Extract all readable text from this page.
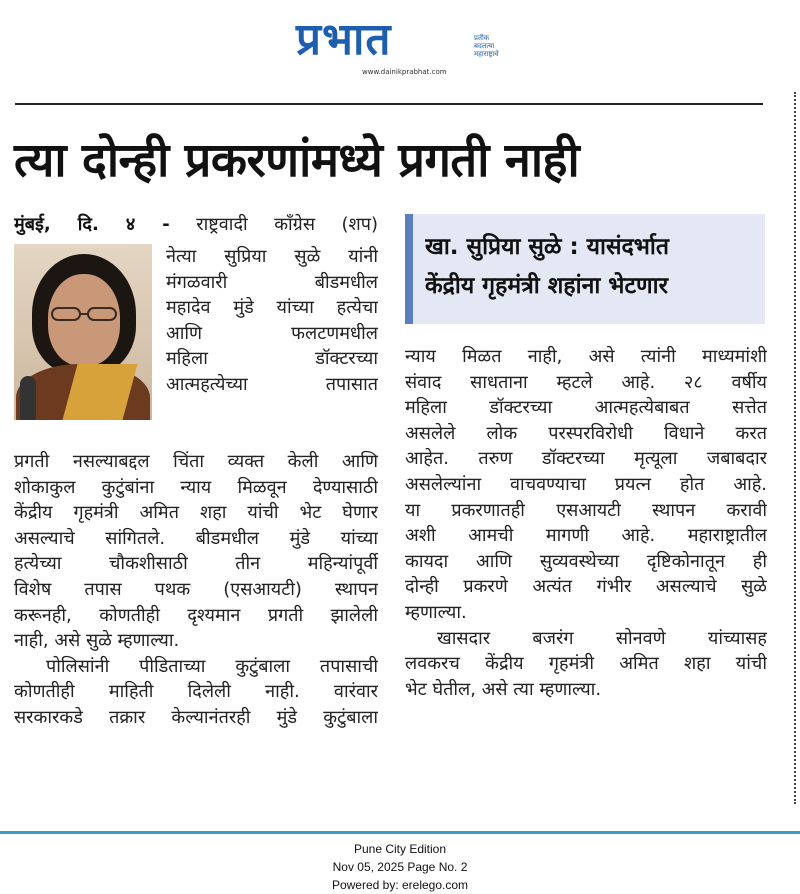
प्रभात	प्रतीक
बदलत्या
महाराष्ट्राचे
www.dainikprabhat.com
त्या दोन्ही प्रकरणांमध्ये प्रगती नाही
मुंबई, दि. ४ - राष्ट्रवादी काँग्रेस (शप)
नेत्या सुप्रिया सुळे यांनी
मंगळवारी बीडमधील
महादेव मुंडे यांच्या हत्येचा
आणि फलटणमधील
महिला डॉक्टरच्या
आत्महत्येच्या तपासात
प्रगती नसल्याबद्दल चिंता व्यक्त केली आणि
शोकाकुल कुटुंबांना न्याय मिळवून देण्यासाठी
केंद्रीय गृहमंत्री अमित शहा यांची भेट घेणार
असल्याचे सांगितले. बीडमधील मुंडे यांच्या
हत्येच्या चौकशीसाठी तीन महिन्यांपूर्वी
विशेष तपास पथक (एसआयटी) स्थापन
करूनही, कोणतीही दृश्यमान प्रगती झालेली
नाही, असे सुळे म्हणाल्या.
पोलिसांनी पीडिताच्या कुटुंबाला तपासाची
कोणतीही माहिती दिलेली नाही. वारंवार
सरकारकडे तक्रार केल्यानंतरही मुंडे कुटुंबाला
खा. सुप्रिया सुळे : यासंदर्भात
केंद्रीय गृहमंत्री शहांना भेटणार
न्याय मिळत नाही, असे त्यांनी माध्यमांशी
संवाद साधताना म्हटले आहे. २८ वर्षीय
महिला डॉक्टरच्या आत्महत्येबाबत सत्तेत
असलेले लोक परस्परविरोधी विधाने करत
आहेत. तरुण डॉक्टरच्या मृत्यूला जबाबदार
असलेल्यांना वाचवण्याचा प्रयत्न होत आहे.
या प्रकरणातही एसआयटी स्थापन करावी
अशी आमची मागणी आहे. महाराष्ट्रातील
कायदा आणि सुव्यवस्थेच्या दृष्टिकोनातून ही
दोन्ही प्रकरणे अत्यंत गंभीर असल्याचे सुळे
म्हणाल्या.
खासदार बजरंग सोनवणे यांच्यासह
लवकरच केंद्रीय गृहमंत्री अमित शहा यांची
भेट घेतील, असे त्या म्हणाल्या.
Pune City Edition
Nov 05, 2025 Page No. 2
Powered by: erelego.com
